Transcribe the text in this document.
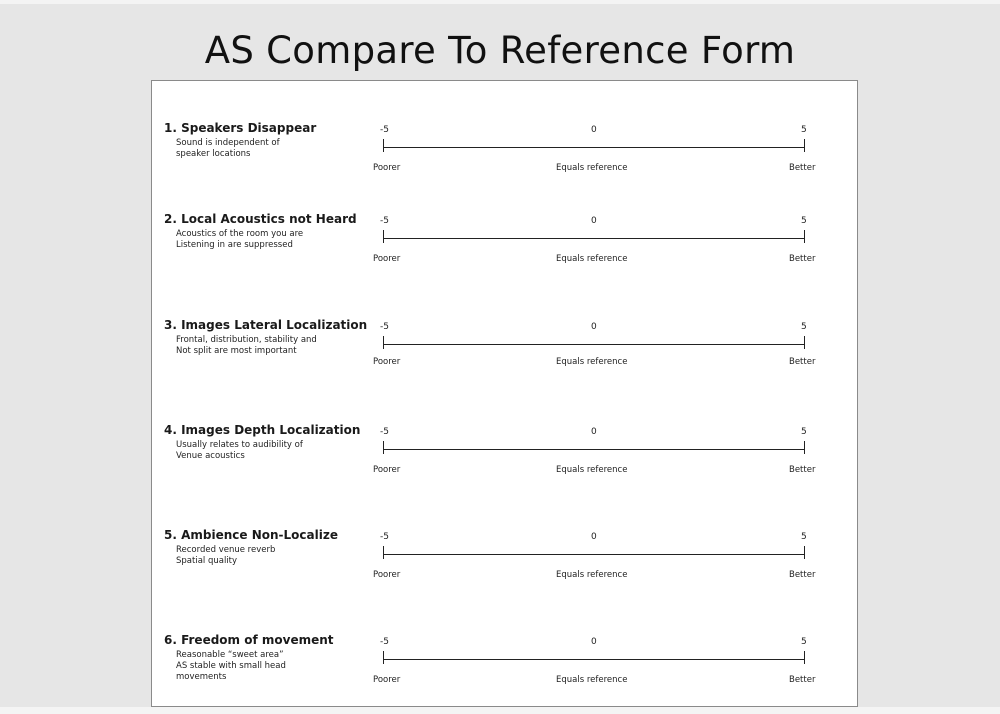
AS Compare To Reference Form
1. Speakers Disappear
Sound is independent of
speaker locations
-5	0	5
Poorer	Equals reference	Better
2. Local Acoustics not Heard
Acoustics of the room you are
Listening in are suppressed
-5	0	5
Poorer	Equals reference	Better
3. Images Lateral Localization
Frontal, distribution, stability and
Not split are most important
-5	0	5
Poorer	Equals reference	Better
4. Images Depth Localization
Usually relates to audibility of
Venue acoustics
-5	0	5
Poorer	Equals reference	Better
5. Ambience Non-Localize
Recorded venue reverb
Spatial quality
-5	0	5
Poorer	Equals reference	Better
6. Freedom of movement
Reasonable “sweet area”
AS stable with small head
movements
-5	0	5
Poorer	Equals reference	Better
